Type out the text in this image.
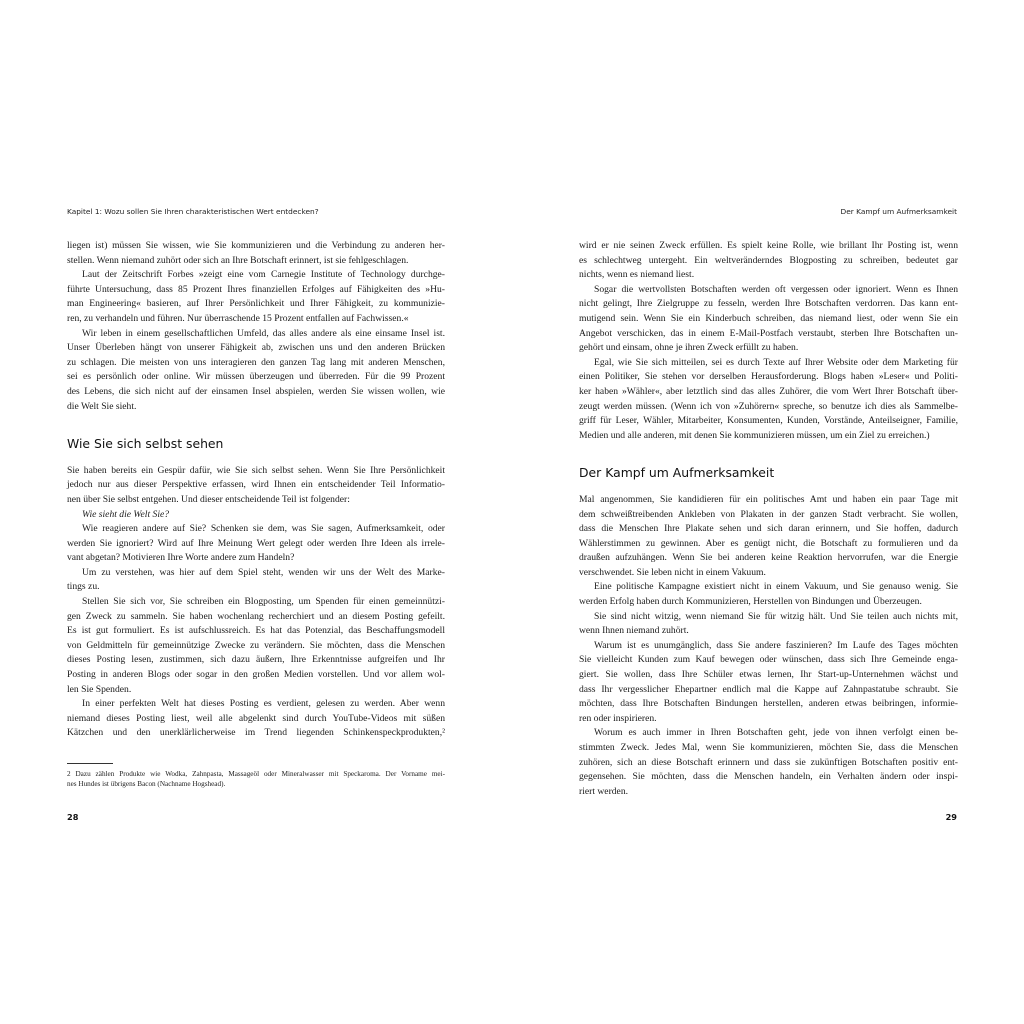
Kapitel 1: Wozu sollen Sie Ihren charakteristischen Wert entdecken?
liegen ist) müssen Sie wissen, wie Sie kommunizieren und die Verbindung zu anderen her-
stellen. Wenn niemand zuhört oder sich an Ihre Botschaft erinnert, ist sie fehlgeschlagen.
Laut der Zeitschrift Forbes »zeigt eine vom Carnegie Institute of Technology durchge-
führte Untersuchung, dass 85 Prozent Ihres finanziellen Erfolges auf Fähigkeiten des »Hu-
man Engineering« basieren, auf Ihrer Persönlichkeit und Ihrer Fähigkeit, zu kommunizie-
ren, zu verhandeln und führen. Nur überraschende 15 Prozent entfallen auf Fachwissen.«
Wir leben in einem gesellschaftlichen Umfeld, das alles andere als eine einsame Insel ist.
Unser Überleben hängt von unserer Fähigkeit ab, zwischen uns und den anderen Brücken
zu schlagen. Die meisten von uns interagieren den ganzen Tag lang mit anderen Menschen,
sei es persönlich oder online. Wir müssen überzeugen und überreden. Für die 99 Prozent
des Lebens, die sich nicht auf der einsamen Insel abspielen, werden Sie wissen wollen, wie
die Welt Sie sieht.
Wie Sie sich selbst sehen
Sie haben bereits ein Gespür dafür, wie Sie sich selbst sehen. Wenn Sie Ihre Persönlichkeit
jedoch nur aus dieser Perspektive erfassen, wird Ihnen ein entscheidender Teil Informatio-
nen über Sie selbst entgehen. Und dieser entscheidende Teil ist folgender:
Wie sieht die Welt Sie?
Wie reagieren andere auf Sie? Schenken sie dem, was Sie sagen, Aufmerksamkeit, oder
werden Sie ignoriert? Wird auf Ihre Meinung Wert gelegt oder werden Ihre Ideen als irrele-
vant abgetan? Motivieren Ihre Worte andere zum Handeln?
Um zu verstehen, was hier auf dem Spiel steht, wenden wir uns der Welt des Marke-
tings zu.
Stellen Sie sich vor, Sie schreiben ein Blogposting, um Spenden für einen gemeinnützi-
gen Zweck zu sammeln. Sie haben wochenlang recherchiert und an diesem Posting gefeilt.
Es ist gut formuliert. Es ist aufschlussreich. Es hat das Potenzial, das Beschaffungsmodell
von Geldmitteln für gemeinnützige Zwecke zu verändern. Sie möchten, dass die Menschen
dieses Posting lesen, zustimmen, sich dazu äußern, Ihre Erkenntnisse aufgreifen und Ihr
Posting in anderen Blogs oder sogar in den großen Medien vorstellen. Und vor allem wol-
len Sie Spenden.
In einer perfekten Welt hat dieses Posting es verdient, gelesen zu werden. Aber wenn
niemand dieses Posting liest, weil alle abgelenkt sind durch YouTube-Videos mit süßen
Kätzchen und den unerklärlicherweise im Trend liegenden Schinkenspeckprodukten,²
2 Dazu zählen Produkte wie Wodka, Zahnpasta, Massageöl oder Mineralwasser mit Speckaroma. Der Vorname mei-
nes Hundes ist übrigens Bacon (Nachname Hogshead).
28
Der Kampf um Aufmerksamkeit
wird er nie seinen Zweck erfüllen. Es spielt keine Rolle, wie brillant Ihr Posting ist, wenn
es schlechtweg untergeht. Ein weltveränderndes Blogposting zu schreiben, bedeutet gar
nichts, wenn es niemand liest.
Sogar die wertvollsten Botschaften werden oft vergessen oder ignoriert. Wenn es Ihnen
nicht gelingt, Ihre Zielgruppe zu fesseln, werden Ihre Botschaften verdorren. Das kann ent-
mutigend sein. Wenn Sie ein Kinderbuch schreiben, das niemand liest, oder wenn Sie ein
Angebot verschicken, das in einem E-Mail-Postfach verstaubt, sterben Ihre Botschaften un-
gehört und einsam, ohne je ihren Zweck erfüllt zu haben.
Egal, wie Sie sich mitteilen, sei es durch Texte auf Ihrer Website oder dem Marketing für
einen Politiker, Sie stehen vor derselben Herausforderung. Blogs haben »Leser« und Politi-
ker haben »Wähler«, aber letztlich sind das alles Zuhörer, die vom Wert Ihrer Botschaft über-
zeugt werden müssen. (Wenn ich von »Zuhörern« spreche, so benutze ich dies als Sammelbe-
griff für Leser, Wähler, Mitarbeiter, Konsumenten, Kunden, Vorstände, Anteilseigner, Familie,
Medien und alle anderen, mit denen Sie kommunizieren müssen, um ein Ziel zu erreichen.)
Der Kampf um Aufmerksamkeit
Mal angenommen, Sie kandidieren für ein politisches Amt und haben ein paar Tage mit
dem schweißtreibenden Ankleben von Plakaten in der ganzen Stadt verbracht. Sie wollen,
dass die Menschen Ihre Plakate sehen und sich daran erinnern, und Sie hoffen, dadurch
Wählerstimmen zu gewinnen. Aber es genügt nicht, die Botschaft zu formulieren und da
draußen aufzuhängen. Wenn Sie bei anderen keine Reaktion hervorrufen, war die Energie
verschwendet. Sie leben nicht in einem Vakuum.
Eine politische Kampagne existiert nicht in einem Vakuum, und Sie genauso wenig. Sie
werden Erfolg haben durch Kommunizieren, Herstellen von Bindungen und Überzeugen.
Sie sind nicht witzig, wenn niemand Sie für witzig hält. Und Sie teilen auch nichts mit,
wenn Ihnen niemand zuhört.
Warum ist es unumgänglich, dass Sie andere faszinieren? Im Laufe des Tages möchten
Sie vielleicht Kunden zum Kauf bewegen oder wünschen, dass sich Ihre Gemeinde enga-
giert. Sie wollen, dass Ihre Schüler etwas lernen, Ihr Start-up-Unternehmen wächst und
dass Ihr vergesslicher Ehepartner endlich mal die Kappe auf Zahnpastatube schraubt. Sie
möchten, dass Ihre Botschaften Bindungen herstellen, anderen etwas beibringen, informie-
ren oder inspirieren.
Worum es auch immer in Ihren Botschaften geht, jede von ihnen verfolgt einen be-
stimmten Zweck. Jedes Mal, wenn Sie kommunizieren, möchten Sie, dass die Menschen
zuhören, sich an diese Botschaft erinnern und dass sie zukünftigen Botschaften positiv ent-
gegensehen. Sie möchten, dass die Menschen handeln, ein Verhalten ändern oder inspi-
riert werden.
29
